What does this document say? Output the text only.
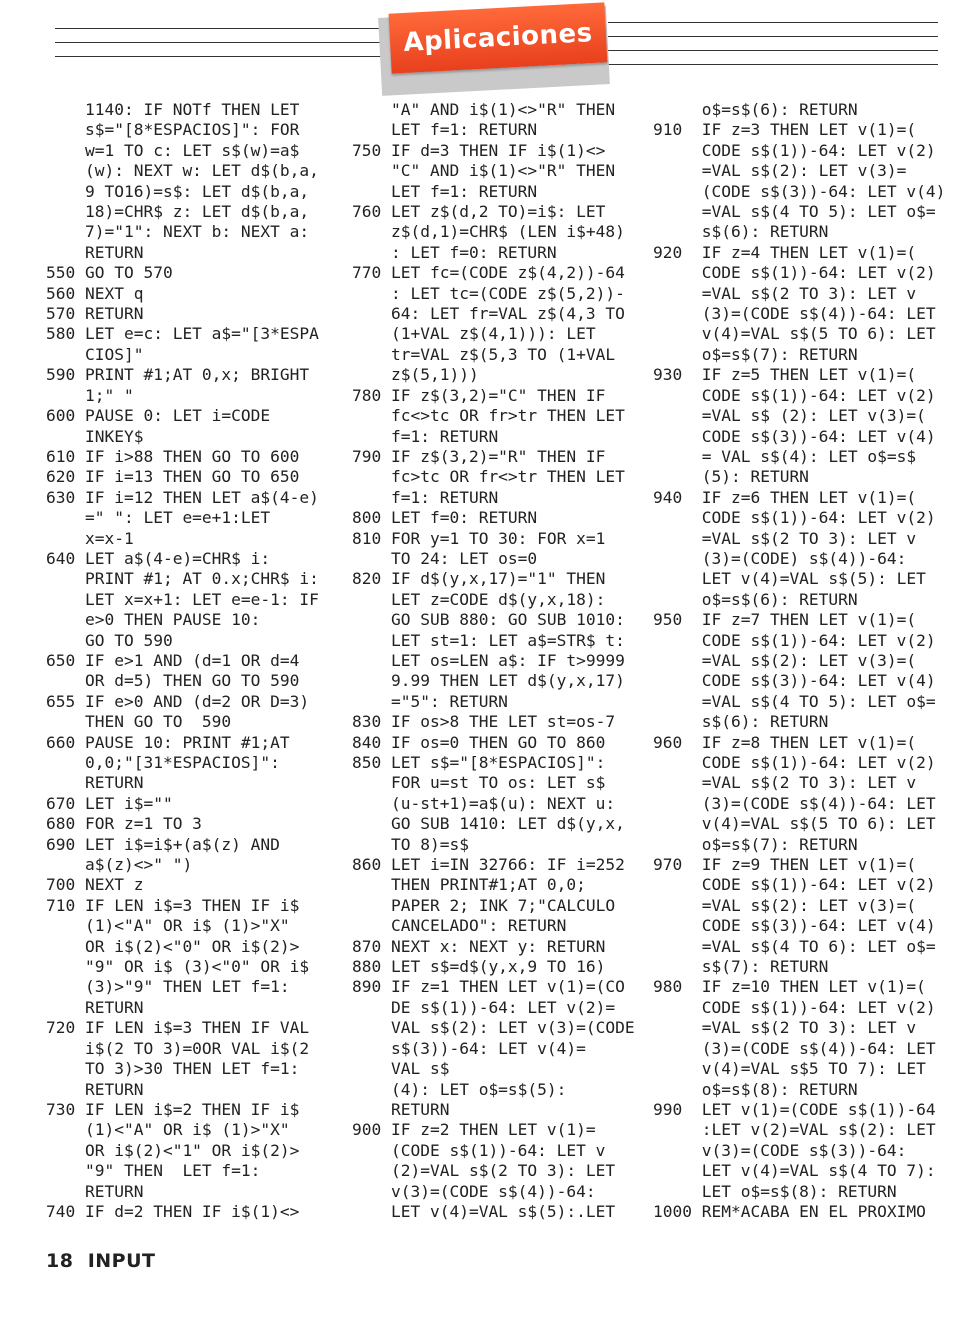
Aplicaciones
1140: IF NOTf THEN LET
s$="[8*ESPACIOS]": FOR
w=1 TO c: LET s$(w)=a$
(w): NEXT w: LET d$(b,a,
9 TO16)=s$: LET d$(b,a,
18)=CHR$ z: LET d$(b,a,
7)="1": NEXT b: NEXT a:
RETURN
550 GO TO 570
560 NEXT q
570 RETURN
580 LET e=c: LET a$="[3*ESPA
CIOS]"
590 PRINT #1;AT 0,x; BRIGHT
1;" "
600 PAUSE 0: LET i=CODE
INKEY$
610 IF i>88 THEN GO TO 600
620 IF i=13 THEN GO TO 650
630 IF i=12 THEN LET a$(4-e)
=" ": LET e=e+1:LET
x=x-1
640 LET a$(4-e)=CHR$ i:
PRINT #1; AT 0.x;CHR$ i:
LET x=x+1: LET e=e-1: IF
e>0 THEN PAUSE 10:
GO TO 590
650 IF e>1 AND (d=1 OR d=4
OR d=5) THEN GO TO 590
655 IF e>0 AND (d=2 OR D=3)
THEN GO TO  590
660 PAUSE 10: PRINT #1;AT
0,0;"[31*ESPACIOS]":
RETURN
670 LET i$=""
680 FOR z=1 TO 3
690 LET i$=i$+(a$(z) AND
a$(z)<>" ")
700 NEXT z
710 IF LEN i$=3 THEN IF i$
(1)<"A" OR i$ (1)>"X"
OR i$(2)<"0" OR i$(2)>
"9" OR i$ (3)<"0" OR i$
(3)>"9" THEN LET f=1:
RETURN
720 IF LEN i$=3 THEN IF VAL
i$(2 TO 3)=0OR VAL i$(2
TO 3)>30 THEN LET f=1:
RETURN
730 IF LEN i$=2 THEN IF i$
(1)<"A" OR i$ (1)>"X"
OR i$(2)<"1" OR i$(2)>
"9" THEN  LET f=1:
RETURN
740 IF d=2 THEN IF i$(1)<>
"A" AND i$(1)<>"R" THEN
LET f=1: RETURN
750 IF d=3 THEN IF i$(1)<>
"C" AND i$(1)<>"R" THEN
LET f=1: RETURN
760 LET z$(d,2 TO)=i$: LET
z$(d,1)=CHR$ (LEN i$+48)
: LET f=0: RETURN
770 LET fc=(CODE z$(4,2))-64
: LET tc=(CODE z$(5,2))-
64: LET fr=VAL z$(4,3 TO
(1+VAL z$(4,1))): LET
tr=VAL z$(5,3 TO (1+VAL
z$(5,1)))
780 IF z$(3,2)="C" THEN IF
fc<>tc OR fr>tr THEN LET
f=1: RETURN
790 IF z$(3,2)="R" THEN IF
fc>tc OR fr<>tr THEN LET
f=1: RETURN
800 LET f=0: RETURN
810 FOR y=1 TO 30: FOR x=1
TO 24: LET os=0
820 IF d$(y,x,17)="1" THEN
LET z=CODE d$(y,x,18):
GO SUB 880: GO SUB 1010:
LET st=1: LET a$=STR$ t:
LET os=LEN a$: IF t>9999
9.99 THEN LET d$(y,x,17)
="5": RETURN
830 IF os>8 THE LET st=os-7
840 IF os=0 THEN GO TO 860
850 LET s$="[8*ESPACIOS]":
FOR u=st TO os: LET s$
(u-st+1)=a$(u): NEXT u:
GO SUB 1410: LET d$(y,x,
TO 8)=s$
860 LET i=IN 32766: IF i=252
THEN PRINT#1;AT 0,0;
PAPER 2; INK 7;"CALCULO
CANCELADO": RETURN
870 NEXT x: NEXT y: RETURN
880 LET s$=d$(y,x,9 TO 16)
890 IF z=1 THEN LET v(1)=(CO
DE s$(1))-64: LET v(2)=
VAL s$(2): LET v(3)=(CODE
s$(3))-64: LET v(4)=
VAL s$
(4): LET o$=s$(5):
RETURN
900 IF z=2 THEN LET v(1)=
(CODE s$(1))-64: LET v
(2)=VAL s$(2 TO 3): LET
v(3)=(CODE s$(4))-64:
LET v(4)=VAL s$(5):.LET
o$=s$(6): RETURN
910  IF z=3 THEN LET v(1)=(
CODE s$(1))-64: LET v(2)
=VAL s$(2): LET v(3)=
(CODE s$(3))-64: LET v(4)
=VAL s$(4 TO 5): LET o$=
s$(6): RETURN
920  IF z=4 THEN LET v(1)=(
CODE s$(1))-64: LET v(2)
=VAL s$(2 TO 3): LET v
(3)=(CODE s$(4))-64: LET
v(4)=VAL s$(5 TO 6): LET
o$=s$(7): RETURN
930  IF z=5 THEN LET v(1)=(
CODE s$(1))-64: LET v(2)
=VAL s$ (2): LET v(3)=(
CODE s$(3))-64: LET v(4)
= VAL s$(4): LET o$=s$
(5): RETURN
940  IF z=6 THEN LET v(1)=(
CODE s$(1))-64: LET v(2)
=VAL s$(2 TO 3): LET v
(3)=(CODE) s$(4))-64:
LET v(4)=VAL s$(5): LET
o$=s$(6): RETURN
950  IF z=7 THEN LET v(1)=(
CODE s$(1))-64: LET v(2)
=VAL s$(2): LET v(3)=(
CODE s$(3))-64: LET v(4)
=VAL s$(4 TO 5): LET o$=
s$(6): RETURN
960  IF z=8 THEN LET v(1)=(
CODE s$(1))-64: LET v(2)
=VAL s$(2 TO 3): LET v
(3)=(CODE s$(4))-64: LET
v(4)=VAL s$(5 TO 6): LET
o$=s$(7): RETURN
970  IF z=9 THEN LET v(1)=(
CODE s$(1))-64: LET v(2)
=VAL s$(2): LET v(3)=(
CODE s$(3))-64: LET v(4)
=VAL s$(4 TO 6): LET o$=
s$(7): RETURN
980  IF z=10 THEN LET v(1)=(
CODE s$(1))-64: LET v(2)
=VAL s$(2 TO 3): LET v
(3)=(CODE s$(4))-64: LET
v(4)=VAL s$5 TO 7): LET
o$=s$(8): RETURN
990  LET v(1)=(CODE s$(1))-64
:LET v(2)=VAL s$(2): LET
v(3)=(CODE s$(3))-64:
LET v(4)=VAL s$(4 TO 7):
LET o$=s$(8): RETURN
1000 REM*ACABA EN EL PROXIMO
18 INPUT
